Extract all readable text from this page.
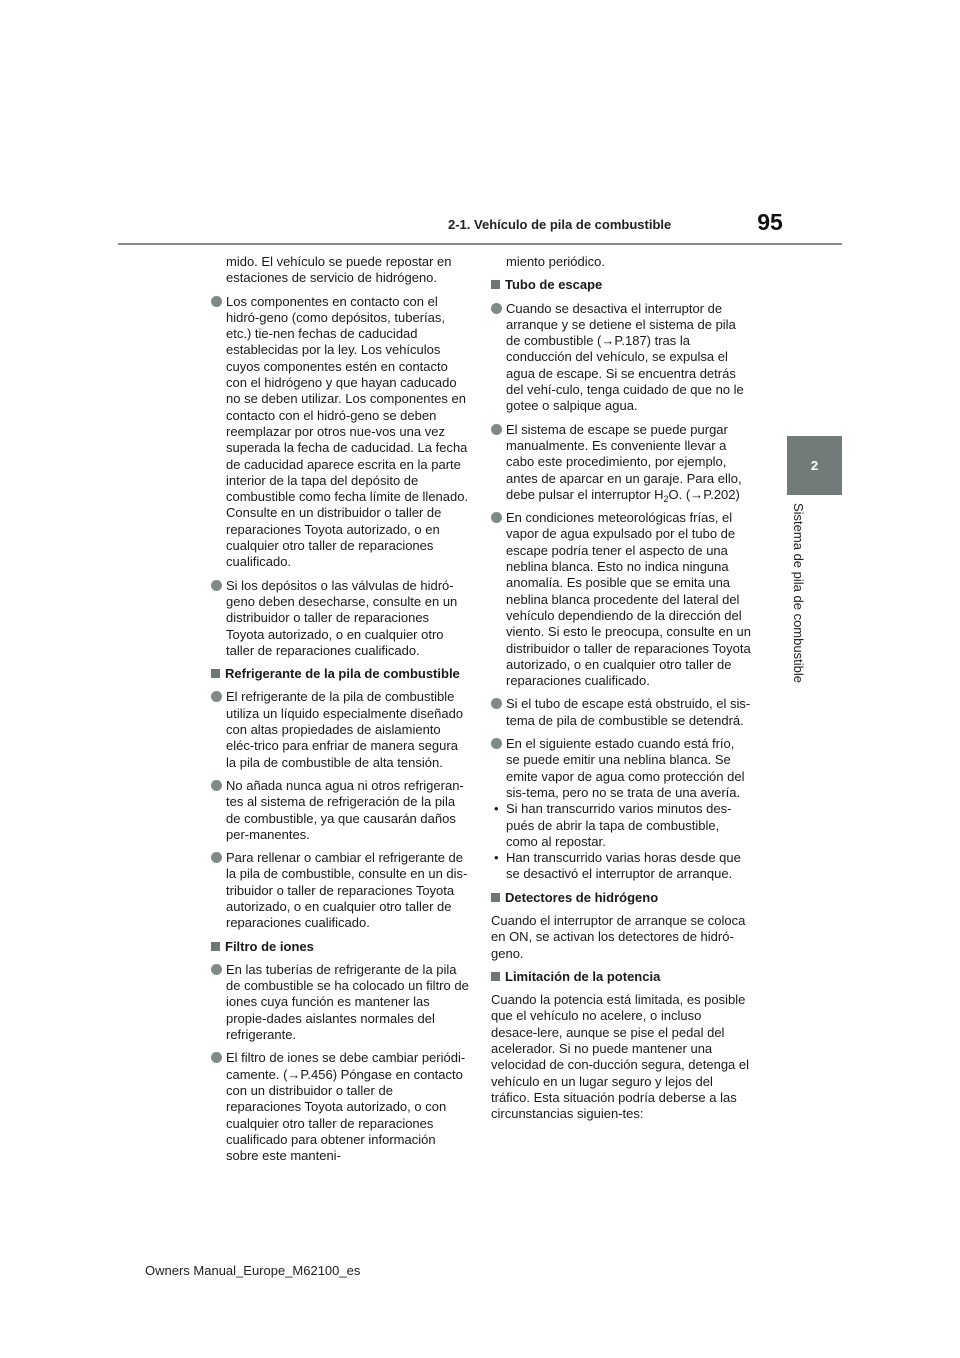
2-1. Vehículo de pila de combustible	95
2
Sistema de pila de combustible

mido. El vehículo se puede repostar en estaciones de servicio de hidrógeno.

Los componentes en contacto con el hidró-geno (como depósitos, tuberías, etc.) tie-nen fechas de caducidad establecidas por la ley. Los vehículos cuyos componentes estén en contacto con el hidrógeno y que hayan caducado no se deben utilizar. Los componentes en contacto con el hidró-geno se deben reemplazar por otros nue-vos una vez superada la fecha de caducidad. La fecha de caducidad aparece escrita en la parte interior de la tapa del depósito de combustible como fecha límite de llenado. Consulte en un distribuidor o taller de reparaciones Toyota autorizado, o en cualquier otro taller de reparaciones cualificado.

Si los depósitos o las válvulas de hidró-geno deben desecharse, consulte en un distribuidor o taller de reparaciones Toyota autorizado, o en cualquier otro taller de reparaciones cualificado.

Refrigerante de la pila de combustible

El refrigerante de la pila de combustible utiliza un líquido especialmente diseñado con altas propiedades de aislamiento eléc-trico para enfriar de manera segura la pila de combustible de alta tensión.

No añada nunca agua ni otros refrigeran-tes al sistema de refrigeración de la pila de combustible, ya que causarán daños per-manentes.

Para rellenar o cambiar el refrigerante de la pila de combustible, consulte en un dis-tribuidor o taller de reparaciones Toyota autorizado, o en cualquier otro taller de reparaciones cualificado.

Filtro de iones

En las tuberías de refrigerante de la pila de combustible se ha colocado un filtro de iones cuya función es mantener las propie-dades aislantes normales del refrigerante.

El filtro de iones se debe cambiar periódi-camente. (→P.456) Póngase en contacto con un distribuidor o taller de reparaciones Toyota autorizado, o con cualquier otro taller de reparaciones cualificado para obtener información sobre este manteni-

miento periódico.

Tubo de escape

Cuando se desactiva el interruptor de arranque y se detiene el sistema de pila de combustible (→P.187) tras la conducción del vehículo, se expulsa el agua de escape. Si se encuentra detrás del vehí-culo, tenga cuidado de que no le gotee o salpique agua.

El sistema de escape se puede purgar manualmente. Es conveniente llevar a cabo este procedimiento, por ejemplo, antes de aparcar en un garaje. Para ello, debe pulsar el interruptor $H_2O$. (→P.202)

En condiciones meteorológicas frías, el vapor de agua expulsado por el tubo de escape podría tener el aspecto de una neblina blanca. Esto no indica ninguna anomalía. Es posible que se emita una neblina blanca procedente del lateral del vehículo dependiendo de la dirección del viento. Si esto le preocupa, consulte en un distribuidor o taller de reparaciones Toyota autorizado, o en cualquier otro taller de reparaciones cualificado.

Si el tubo de escape está obstruido, el sis-tema de pila de combustible se detendrá.

En el siguiente estado cuando está frío, se puede emitir una neblina blanca. Se emite vapor de agua como protección del sis-tema, pero no se trata de una avería.

• Si han transcurrido varios minutos des-pués de abrir la tapa de combustible, como al repostar.

• Han transcurrido varias horas desde que se desactivó el interruptor de arranque.

Detectores de hidrógeno

Cuando el interruptor de arranque se coloca en ON, se activan los detectores de hidró-geno.

Limitación de la potencia

Cuando la potencia está limitada, es posible que el vehículo no acelere, o incluso desace-lere, aunque se pise el pedal del acelerador. Si no puede mantener una velocidad de con-ducción segura, detenga el vehículo en un lugar seguro y lejos del tráfico. Esta situación podría deberse a las circunstancias siguien-tes:

Owners Manual_Europe_M62100_es
